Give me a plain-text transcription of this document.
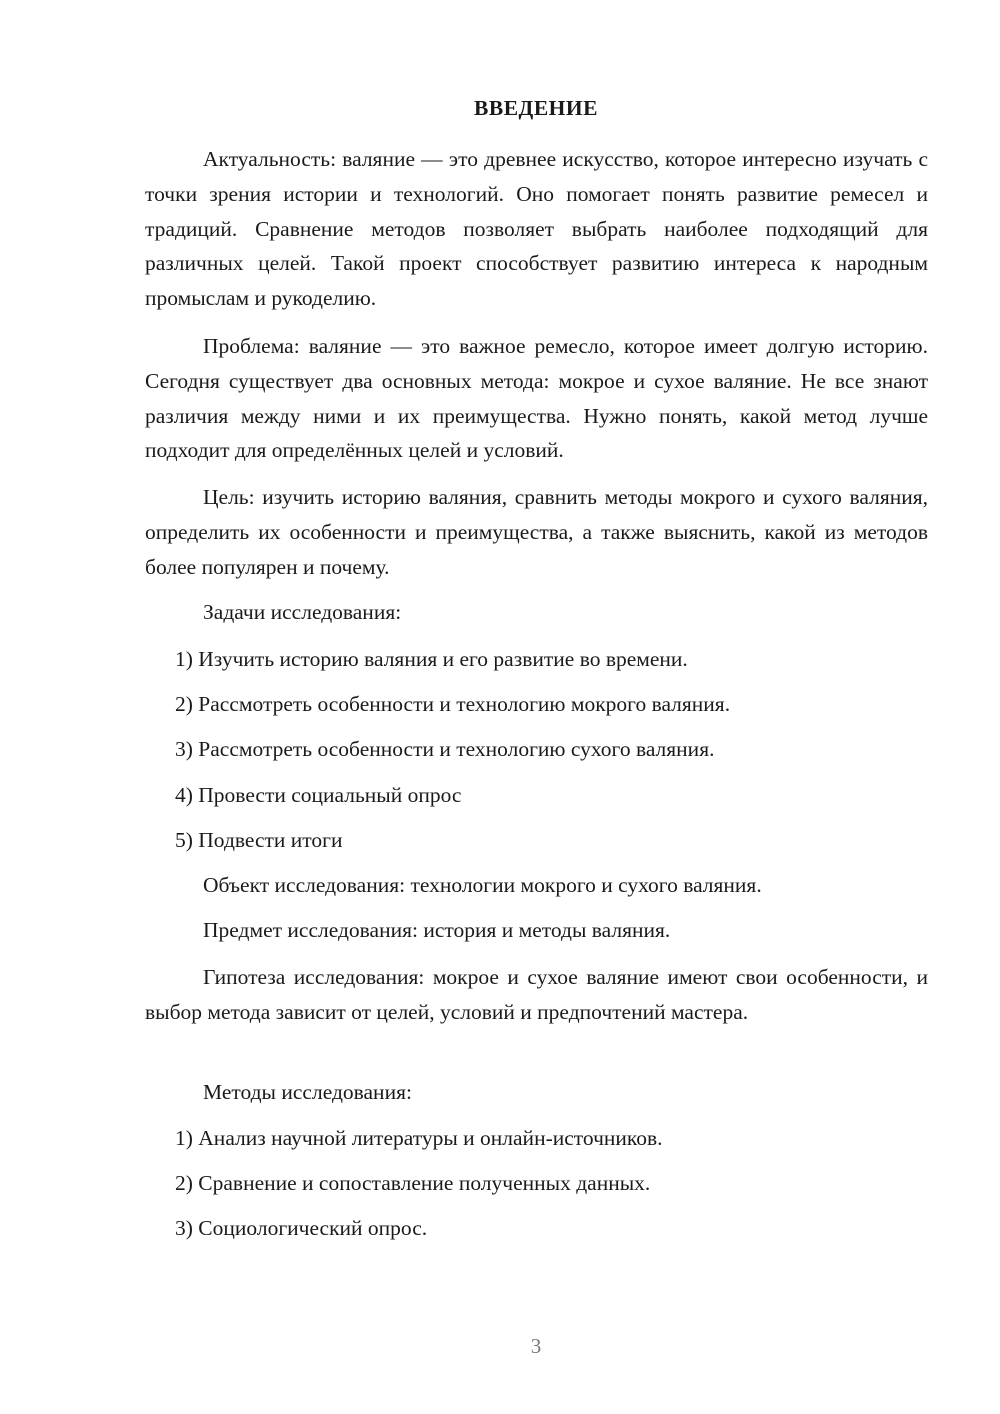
ВВЕДЕНИЕ

Актуальность: валяние — это древнее искусство, которое интересно изучать с точки зрения истории и технологий. Оно помогает понять развитие ремесел и традиций. Сравнение методов позволяет выбрать наиболее подходящий для различных целей. Такой проект способствует развитию интереса к народным промыслам и рукоделию.

Проблема: валяние — это важное ремесло, которое имеет долгую историю. Сегодня существует два основных метода: мокрое и сухое валяние. Не все знают различия между ними и их преимущества. Нужно понять, какой метод лучше подходит для определённых целей и условий.

Цель: изучить историю валяния, сравнить методы мокрого и сухого валяния, определить их особенности и преимущества, а также выяснить, какой из методов более популярен и почему.

Задачи исследования:

1) Изучить историю валяния и его развитие во времени.

2) Рассмотреть особенности и технологию мокрого валяния.

3) Рассмотреть особенности и технологию сухого валяния.

4) Провести социальный опрос

5) Подвести итоги

Объект исследования: технологии мокрого и сухого валяния.

Предмет исследования: история и методы валяния.

Гипотеза исследования: мокрое и сухое валяние имеют свои особенности, и выбор метода зависит от целей, условий и предпочтений мастера.

Методы исследования:

1) Анализ научной литературы и онлайн-источников.

2) Сравнение и сопоставление полученных данных.

3) Социологический опрос.

3
